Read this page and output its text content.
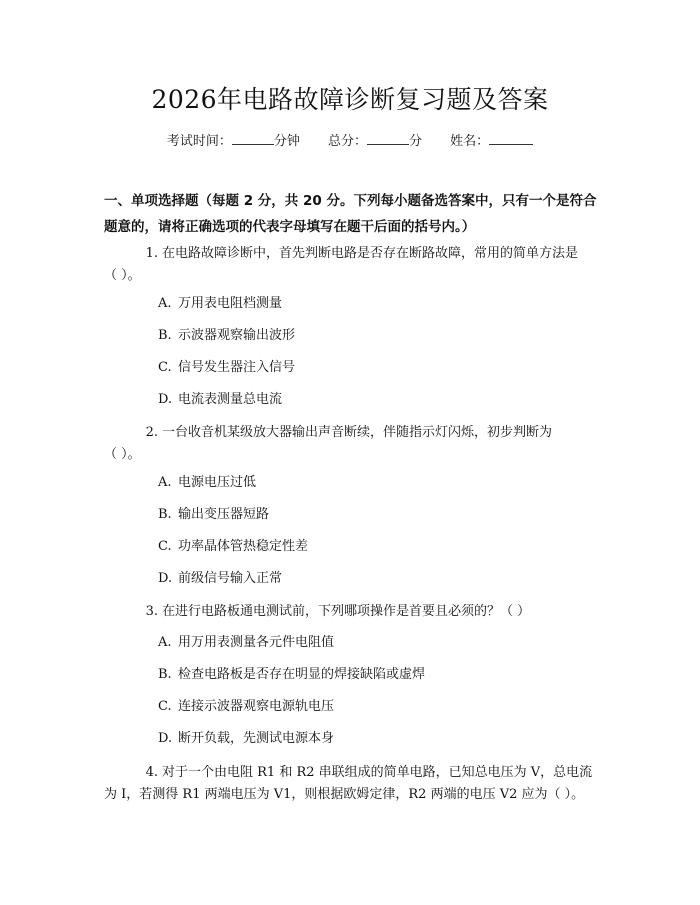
2026年电路故障诊断复习题及答案
考试时间：	分钟 总分：	分 姓名：
一、单项选择题（每题 2 分，共 20 分。下列每小题备选答案中，只有一个是符合
题意的，请将正确选项的代表字母填写在题干后面的括号内。）
1. 在电路故障诊断中，首先判断电路是否存在断路故障，常用的简单方法是
（ ）。
A. 万用表电阻档测量
B. 示波器观察输出波形
C. 信号发生器注入信号
D. 电流表测量总电流
2. 一台收音机某级放大器输出声音断续，伴随指示灯闪烁，初步判断为
（ ）。
A. 电源电压过低
B. 输出变压器短路
C. 功率晶体管热稳定性差
D. 前级信号输入正常
3. 在进行电路板通电测试前，下列哪项操作是首要且必须的？（ ）
A. 用万用表测量各元件电阻值
B. 检查电路板是否存在明显的焊接缺陷或虚焊
C. 连接示波器观察电源轨电压
D. 断开负载，先测试电源本身
4. 对于一个由电阻 R1 和 R2 串联组成的简单电路，已知总电压为 V，总电流
为 I，若测得 R1 两端电压为 V1，则根据欧姆定律，R2 两端的电压 V2 应为（ ）。
